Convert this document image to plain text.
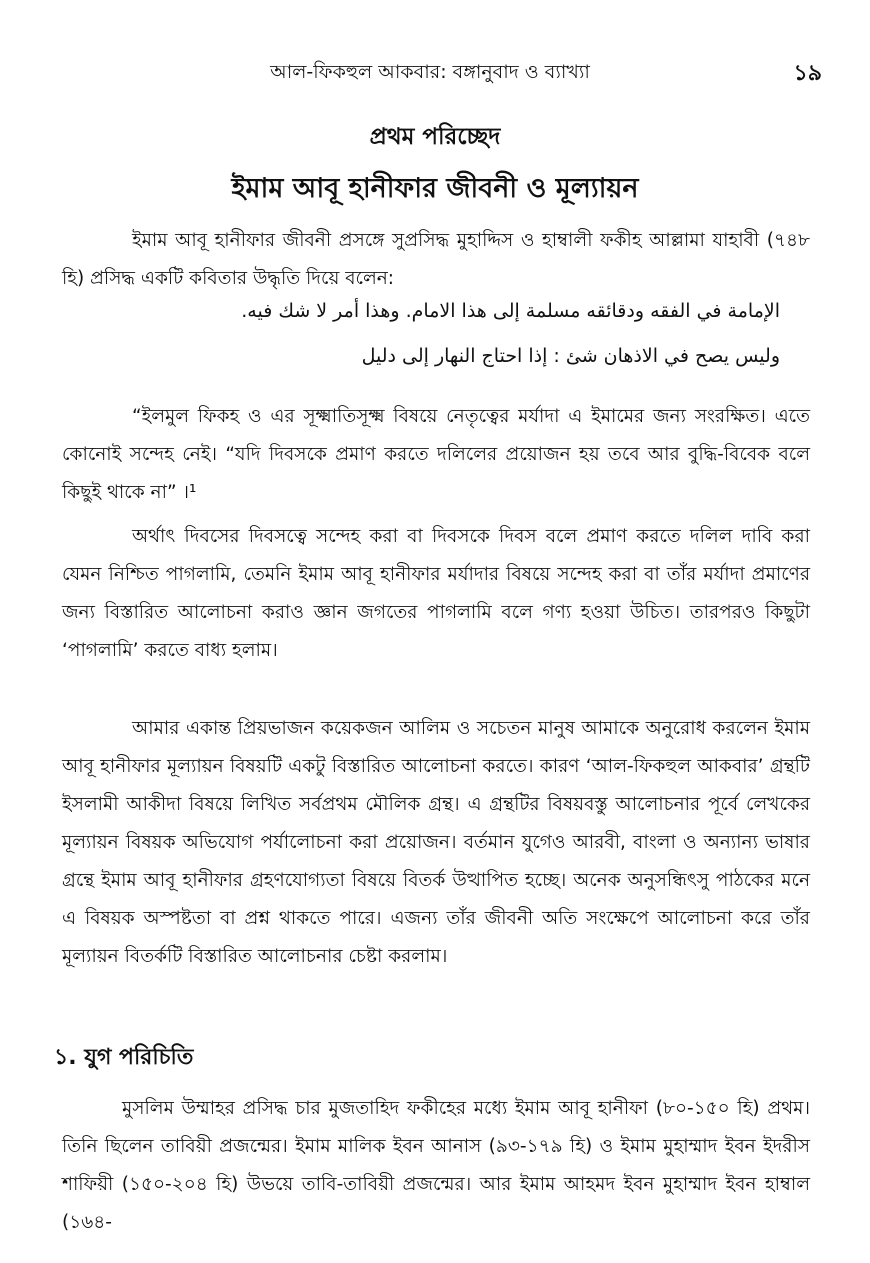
আল-ফিকহুল আকবার: বঙ্গানুবাদ ও ব্যাখ্যা	১৯
প্রথম পরিচ্ছেদ
ইমাম আবূ হানীফার জীবনী ও মূল্যায়ন
ইমাম আবূ হানীফার জীবনী প্রসঙ্গে সুপ্রসিদ্ধ মুহাদ্দিস ও হাম্বালী ফকীহ আল্লামা যাহাবী (৭৪৮ হি) প্রসিদ্ধ একটি কবিতার উদ্ধৃতি দিয়ে বলেন:
الإمامة في الفقه ودقائقه مسلمة إلى هذا الامام. وهذا أمر لا شك فيه.
وليس يصح في الاذهان شئ : إذا احتاج النهار إلى دليل
“ইলমুল ফিকহ ও এর সূক্ষ্মাতিসূক্ষ্ম বিষয়ে নেতৃত্বের মর্যাদা এ ইমামের জন্য সংরক্ষিত। এতে কোনোই সন্দেহ নেই। “যদি দিবসকে প্রমাণ করতে দলিলের প্রয়োজন হয় তবে আর বুদ্ধি-বিবেক বলে কিছুই থাকে না” ।¹
অর্থাৎ দিবসের দিবসত্বে সন্দেহ করা বা দিবসকে দিবস বলে প্রমাণ করতে দলিল দাবি করা যেমন নিশ্চিত পাগলামি, তেমনি ইমাম আবূ হানীফার মর্যাদার বিষয়ে সন্দেহ করা বা তাঁর মর্যাদা প্রমাণের জন্য বিস্তারিত আলোচনা করাও জ্ঞান জগতের পাগলামি বলে গণ্য হওয়া উচিত। তারপরও কিছুটা ‘পাগলামি’ করতে বাধ্য হলাম।
আমার একান্ত প্রিয়ভাজন কয়েকজন আলিম ও সচেতন মানুষ আমাকে অনুরোধ করলেন ইমাম আবূ হানীফার মূল্যায়ন বিষয়টি একটু বিস্তারিত আলোচনা করতে। কারণ ‘আল-ফিকহুল আকবার’ গ্রন্থটি ইসলামী আকীদা বিষয়ে লিখিত সর্বপ্রথম মৌলিক গ্রন্থ। এ গ্রন্থটির বিষয়বস্তু আলোচনার পূর্বে লেখকের মূল্যায়ন বিষয়ক অভিযোগ পর্যালোচনা করা প্রয়োজন। বর্তমান যুগেও আরবী, বাংলা ও অন্যান্য ভাষার গ্রন্থে ইমাম আবূ হানীফার গ্রহণযোগ্যতা বিষয়ে বিতর্ক উত্থাপিত হচ্ছে। অনেক অনুসন্ধিৎসু পাঠকের মনে এ বিষয়ক অস্পষ্টতা বা প্রশ্ন থাকতে পারে। এজন্য তাঁর জীবনী অতি সংক্ষেপে আলোচনা করে তাঁর মূল্যায়ন বিতর্কটি বিস্তারিত আলোচনার চেষ্টা করলাম।
১. যুগ পরিচিতি
মুসলিম উম্মাহর প্রসিদ্ধ চার মুজতাহিদ ফকীহের মধ্যে ইমাম আবূ হানীফা (৮০-১৫০ হি) প্রথম। তিনি ছিলেন তাবিয়ী প্রজন্মের। ইমাম মালিক ইবন আনাস (৯৩-১৭৯ হি) ও ইমাম মুহাম্মাদ ইবন ইদরীস শাফিয়ী (১৫০-২০৪ হি) উভয়ে তাবি-তাবিয়ী প্রজন্মের। আর ইমাম আহমদ ইবন মুহাম্মাদ ইবন হাম্বাল (১৬৪-
